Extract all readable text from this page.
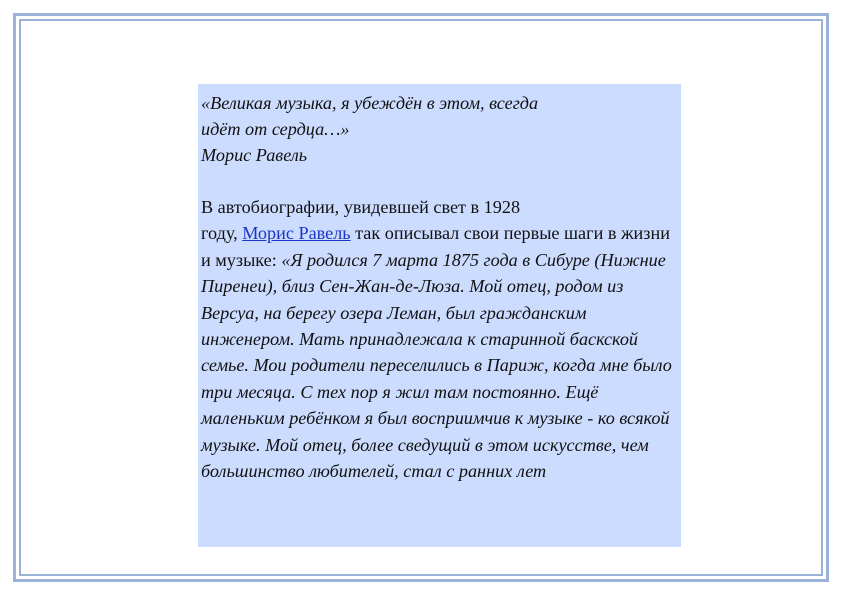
«Великая музыка, я убеждён в этом, всегда
идёт от сердца…»
Морис Равель
В автобиографии, увидевшей свет в 1928
году, Морис Равель так описывал свои первые шаги в жизни и музыке: «Я родился 7 марта 1875 года в Сибуре (Нижние Пиренеи), близ Сен-Жан-де-Люза. Мой отец, родом из Версуа, на берегу озера Леман, был гражданским инженером. Мать принадлежала к старинной баскской семье. Мои родители переселились в Париж, когда мне было три месяца. С тех пор я жил там постоянно. Ещё маленьким ребёнком я был восприимчив к музыке - ко всякой музыке. Мой отец, более сведущий в этом искусстве, чем большинство любителей, стал с ранних лет
